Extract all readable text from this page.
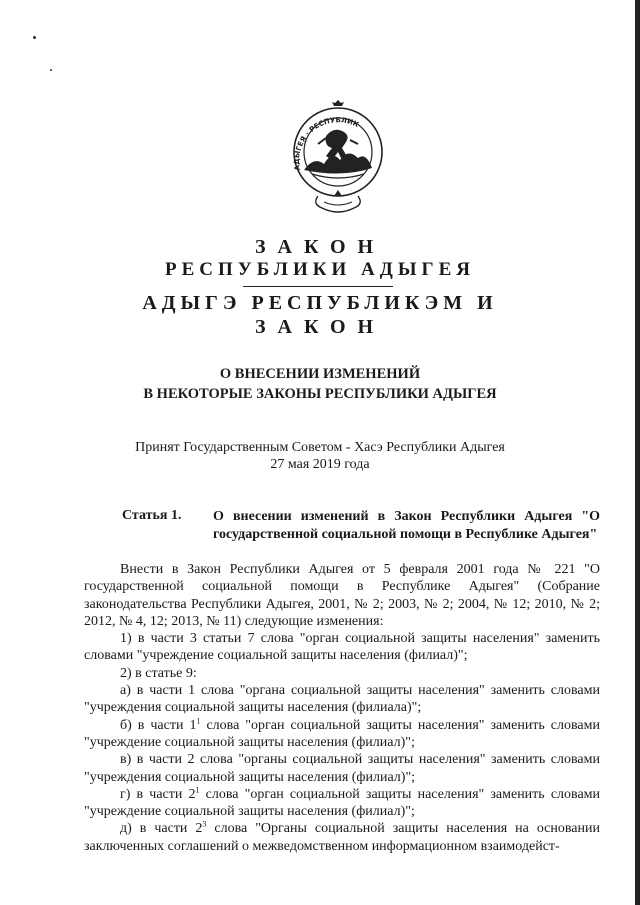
АДЫГЕЯ · РЕСПУБЛИК
ЗАКОН
РЕСПУБЛИКИ АДЫГЕЯ
АДЫГЭ РЕСПУБЛИКЭМ И
ЗАКОН
О ВНЕСЕНИИ ИЗМЕНЕНИЙ
В НЕКОТОРЫЕ ЗАКОНЫ РЕСПУБЛИКИ АДЫГЕЯ
Принят Государственным Советом - Хасэ Республики Адыгея
27 мая 2019 года
Статья 1. О внесении изменений в Закон Республики Адыгея "О государственной социальной помощи в Республике Адыгея"

Внести в Закон Республики Адыгея от 5 февраля 2001 года № 221 "О государственной социальной помощи в Республике Адыгея" (Собрание законодательства Республики Адыгея, 2001, № 2; 2003, № 2; 2004, № 12; 2010, № 2; 2012, № 4, 12; 2013, № 11) следующие изменения:

1) в части 3 статьи 7 слова "орган социальной защиты населения" заменить словами "учреждение социальной защиты населения (филиал)";

2) в статье 9:

а) в части 1 слова "органа социальной защиты населения" заменить словами "учреждения социальной защиты населения (филиала)";

б) в части $1^1$ слова "орган социальной защиты населения" заменить словами "учреждение социальной защиты населения (филиал)";

в) в части 2 слова "органы социальной защиты населения" заменить словами "учреждения социальной защиты населения (филиал)";

г) в части $2^1$ слова "орган социальной защиты населения" заменить словами "учреждение социальной защиты населения (филиал)";

д) в части $2^3$ слова "Органы социальной защиты населения на основании заключенных соглашений о межведомственном информационном взаимодейст-
